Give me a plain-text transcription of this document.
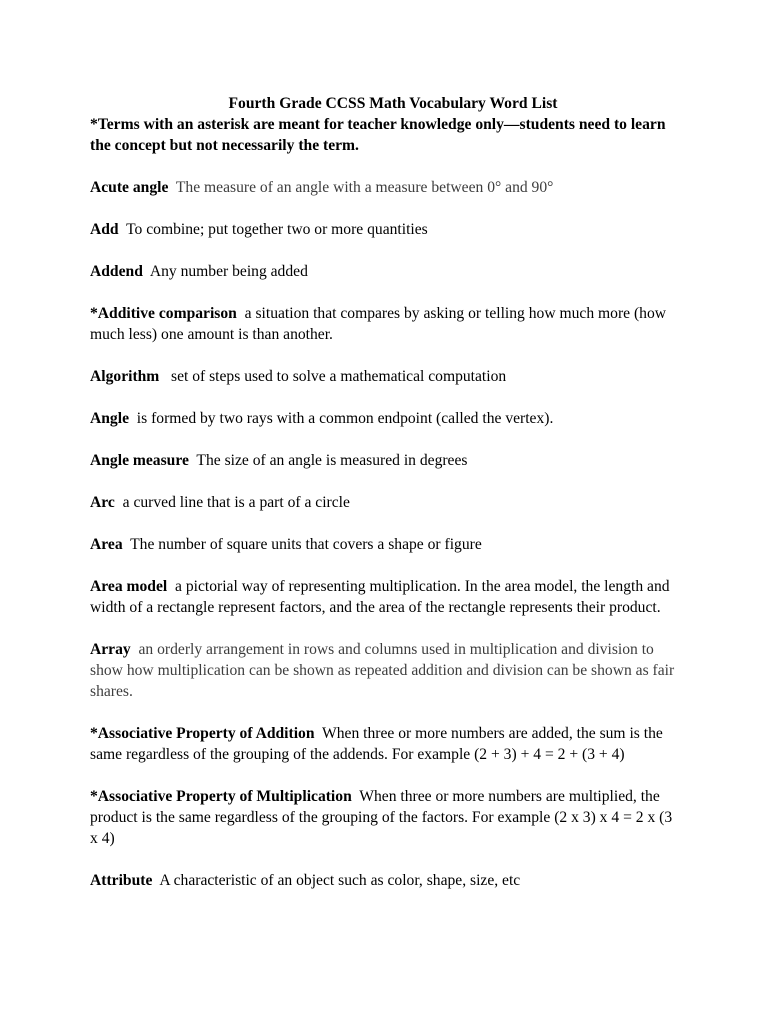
Fourth Grade CCSS Math Vocabulary Word List

*Terms with an asterisk are meant for teacher knowledge only—students need to learn the concept but not necessarily the term.

Acute angle The measure of an angle with a measure between 0° and 90°

Add To combine; put together two or more quantities

Addend Any number being added

*Additive comparison a situation that compares by asking or telling how much more (how much less) one amount is than another.

Algorithm set of steps used to solve a mathematical computation

Angle is formed by two rays with a common endpoint (called the vertex).

Angle measure The size of an angle is measured in degrees

Arc a curved line that is a part of a circle

Area The number of square units that covers a shape or figure

Area model a pictorial way of representing multiplication. In the area model, the length and width of a rectangle represent factors, and the area of the rectangle represents their product.

Array an orderly arrangement in rows and columns used in multiplication and division to show how multiplication can be shown as repeated addition and division can be shown as fair shares.

*Associative Property of Addition When three or more numbers are added, the sum is the same regardless of the grouping of the addends. For example (2 + 3) + 4 = 2 + (3 + 4)

*Associative Property of Multiplication When three or more numbers are multiplied, the product is the same regardless of the grouping of the factors. For example (2 x 3) x 4 = 2 x (3 x 4)

Attribute A characteristic of an object such as color, shape, size, etc
